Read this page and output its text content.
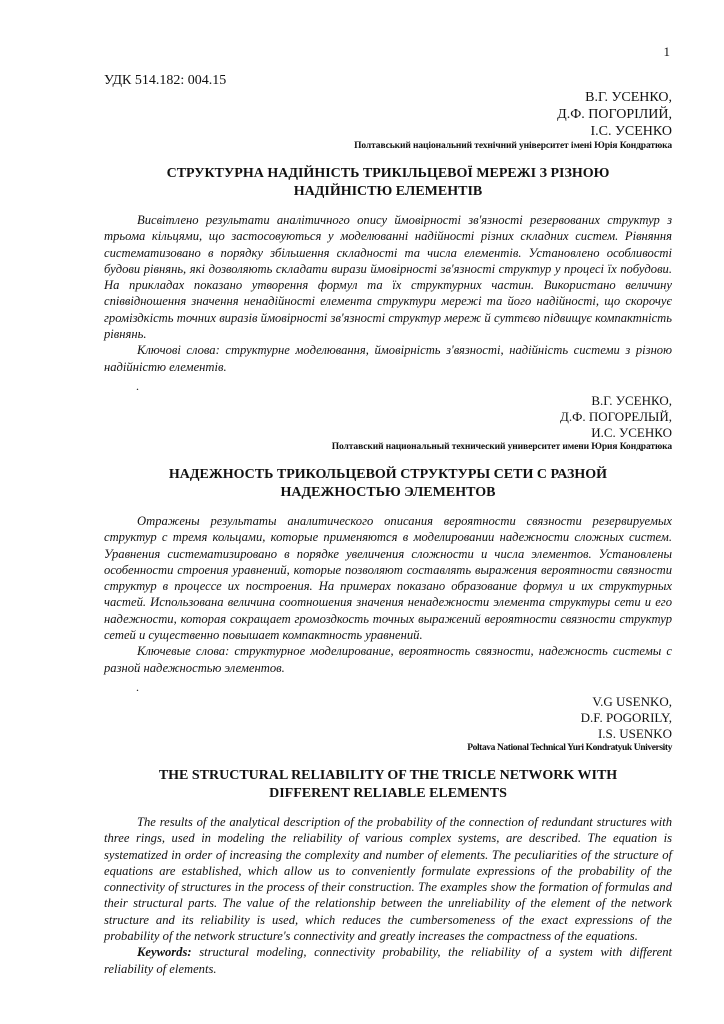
1
УДК 514.182: 004.15
В.Г. УСЕНКО,
Д.Ф. ПОГОРІЛИЙ,
І.С. УСЕНКО
Полтавський національний технічний університет імені Юрія Кондратюка
СТРУКТУРНА НАДІЙНІСТЬ ТРИКІЛЬЦЕВОЇ МЕРЕЖІ З РІЗНОЮ
НАДІЙНІСТЮ ЕЛЕМЕНТІВ

Висвітлено результати аналітичного опису ймовірності зв'язності резервованих структур з трьома кільцями, що застосовуються у моделюванні надійності різних складних систем. Рівняння систематизовано в порядку збільшення складності та числа елементів. Установлено особливості будови рівнянь, які дозволяють складати вирази ймовірності зв'язності структур у процесі їх побудови. На прикладах показано утворення формул та їх структурних частин. Використано величину співвідношення значення ненадійності елемента структури мережі та його надійності, що скорочує громіздкість точних виразів ймовірності зв'язності структур мереж й суттєво підвищує компактність рівнянь.

Ключові слова: структурне моделювання, ймовірність з'вязності, надійність системи з різною надійністю елементів.

.
В.Г. УСЕНКО,
Д.Ф. ПОГОРЕЛЫЙ,
И.С. УСЕНКО
Полтавский национальный технический университет имени Юрия Кондратюка
НАДЕЖНОСТЬ ТРИКОЛЬЦЕВОЙ СТРУКТУРЫ СЕТИ С РАЗНОЙ
НАДЕЖНОСТЬЮ ЭЛЕМЕНТОВ

Отражены результаты аналитического описания вероятности связности резервируемых структур с тремя кольцами, которые применяются в моделировании надежности сложных систем. Уравнения систематизировано в порядке увеличения сложности и числа элементов. Установлены особенности строения уравнений, которые позволяют составлять выражения вероятности связности структур в процессе их построения. На примерах показано образование формул и их структурных частей. Использована величина соотношения значения ненадежности элемента структуры сети и его надежности, которая сокращает громоздкость точных выражений вероятности связности структур сетей и существенно повышает компактность уравнений.

Ключевые слова: структурное моделирование, вероятность связности, надежность системы с разной надежностью элементов.

.
V.G USENKO,
D.F. POGORILY,
I.S. USENKO
Poltava National Technical Yuri Kondratyuk University
THE STRUCTURAL RELIABILITY OF THE TRICLE NETWORK WITH
DIFFERENT RELIABLE ELEMENTS

The results of the analytical description of the probability of the connection of redundant structures with three rings, used in modeling the reliability of various complex systems, are described. The equation is systematized in order of increasing the complexity and number of elements. The peculiarities of the structure of equations are established, which allow us to conveniently formulate expressions of the probability of the connectivity of structures in the process of their construction. The examples show the formation of formulas and their structural parts. The value of the relationship between the unreliability of the element of the network structure and its reliability is used, which reduces the cumbersomeness of the exact expressions of the probability of the network structure's connectivity and greatly increases the compactness of the equations.

Keywords: structural modeling, connectivity probability, the reliability of a system with different reliability of elements.
